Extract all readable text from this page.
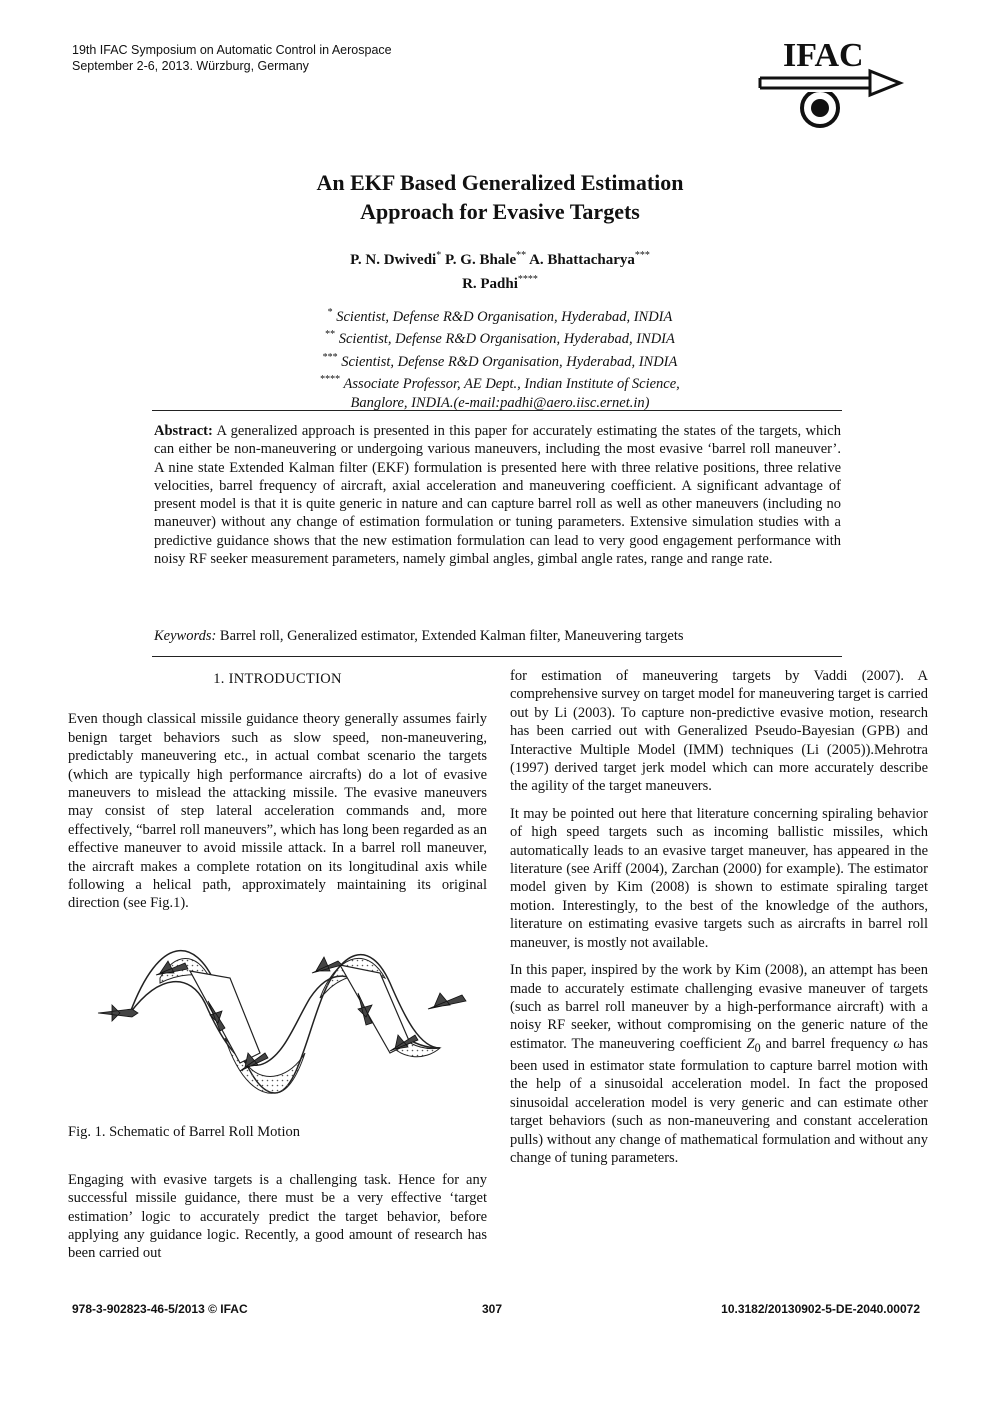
19th IFAC Symposium on Automatic Control in Aerospace
September 2-6, 2013. Würzburg, Germany	IFAC
An EKF Based Generalized Estimation
Approach for Evasive Targets
P. N. Dwivedi* P. G. Bhale** A. Bhattacharya***
R. Padhi****
* Scientist, Defense R&D Organisation, Hyderabad, INDIA
** Scientist, Defense R&D Organisation, Hyderabad, INDIA
*** Scientist, Defense R&D Organisation, Hyderabad, INDIA
**** Associate Professor, AE Dept., Indian Institute of Science,
Banglore, INDIA.(e-mail:padhi@aero.iisc.ernet.in)
Abstract: A generalized approach is presented in this paper for accurately estimating the states of the targets, which can either be non-maneuvering or undergoing various maneuvers, including the most evasive ‘barrel roll maneuver’. A nine state Extended Kalman filter (EKF) formulation is presented here with three relative positions, three relative velocities, barrel frequency of aircraft, axial acceleration and maneuvering coefficient. A significant advantage of present model is that it is quite generic in nature and can capture barrel roll as well as other maneuvers (including no maneuver) without any change of estimation formulation or tuning parameters. Extensive simulation studies with a predictive guidance shows that the new estimation formulation can lead to very good engagement performance with noisy RF seeker measurement parameters, namely gimbal angles, gimbal angle rates, range and range rate.
Keywords: Barrel roll, Generalized estimator, Extended Kalman filter, Maneuvering targets
1. INTRODUCTION

Even though classical missile guidance theory generally assumes fairly benign target behaviors such as slow speed, non-maneuvering, predictably maneuvering etc., in actual combat scenario the targets (which are typically high performance aircrafts) do a lot of evasive maneuvers to mislead the attacking missile. The evasive maneuvers may consist of step lateral acceleration commands and, more effectively, “barrel roll maneuvers”, which has long been regarded as an effective maneuver to avoid missile attack. In a barrel roll maneuver, the aircraft makes a complete rotation on its longitudinal axis while following a helical path, approximately maintaining its original direction (see Fig.1).

Fig. 1. Schematic of Barrel Roll Motion

Engaging with evasive targets is a challenging task. Hence for any successful missile guidance, there must be a very effective ‘target estimation’ logic to accurately predict the target behavior, before applying any guidance logic. Recently, a good amount of research has been carried out

for estimation of maneuvering targets by Vaddi (2007). A comprehensive survey on target model for maneuvering target is carried out by Li (2003). To capture non-predictive evasive motion, research has been carried out with Generalized Pseudo-Bayesian (GPB) and Interactive Multiple Model (IMM) techniques (Li (2005)).Mehrotra (1997) derived target jerk model which can more accurately describe the agility of the target maneuvers.

It may be pointed out here that literature concerning spiraling behavior of high speed targets such as incoming ballistic missiles, which automatically leads to an evasive target maneuver, has appeared in the literature (see Ariff (2004), Zarchan (2000) for example). The estimator model given by Kim (2008) is shown to estimate spiraling target motion. Interestingly, to the best of the knowledge of the authors, literature on estimating evasive targets such as aircrafts in barrel roll maneuver, is mostly not available.

In this paper, inspired by the work by Kim (2008), an attempt has been made to accurately estimate challenging evasive maneuver of targets (such as barrel roll maneuver by a high-performance aircraft) with a noisy RF seeker, without compromising on the generic nature of the estimator. The maneuvering coefficient $Z_0$ and barrel frequency ω has been used in estimator state formulation to capture barrel motion with the help of a sinusoidal acceleration model. In fact the proposed sinusoidal acceleration model is very generic and can estimate other target behaviors (such as non-maneuvering and constant acceleration pulls) without any change of mathematical formulation and without any change of tuning parameters.

978-3-902823-46-5/2013 © IFAC	307	10.3182/20130902-5-DE-2040.00072
